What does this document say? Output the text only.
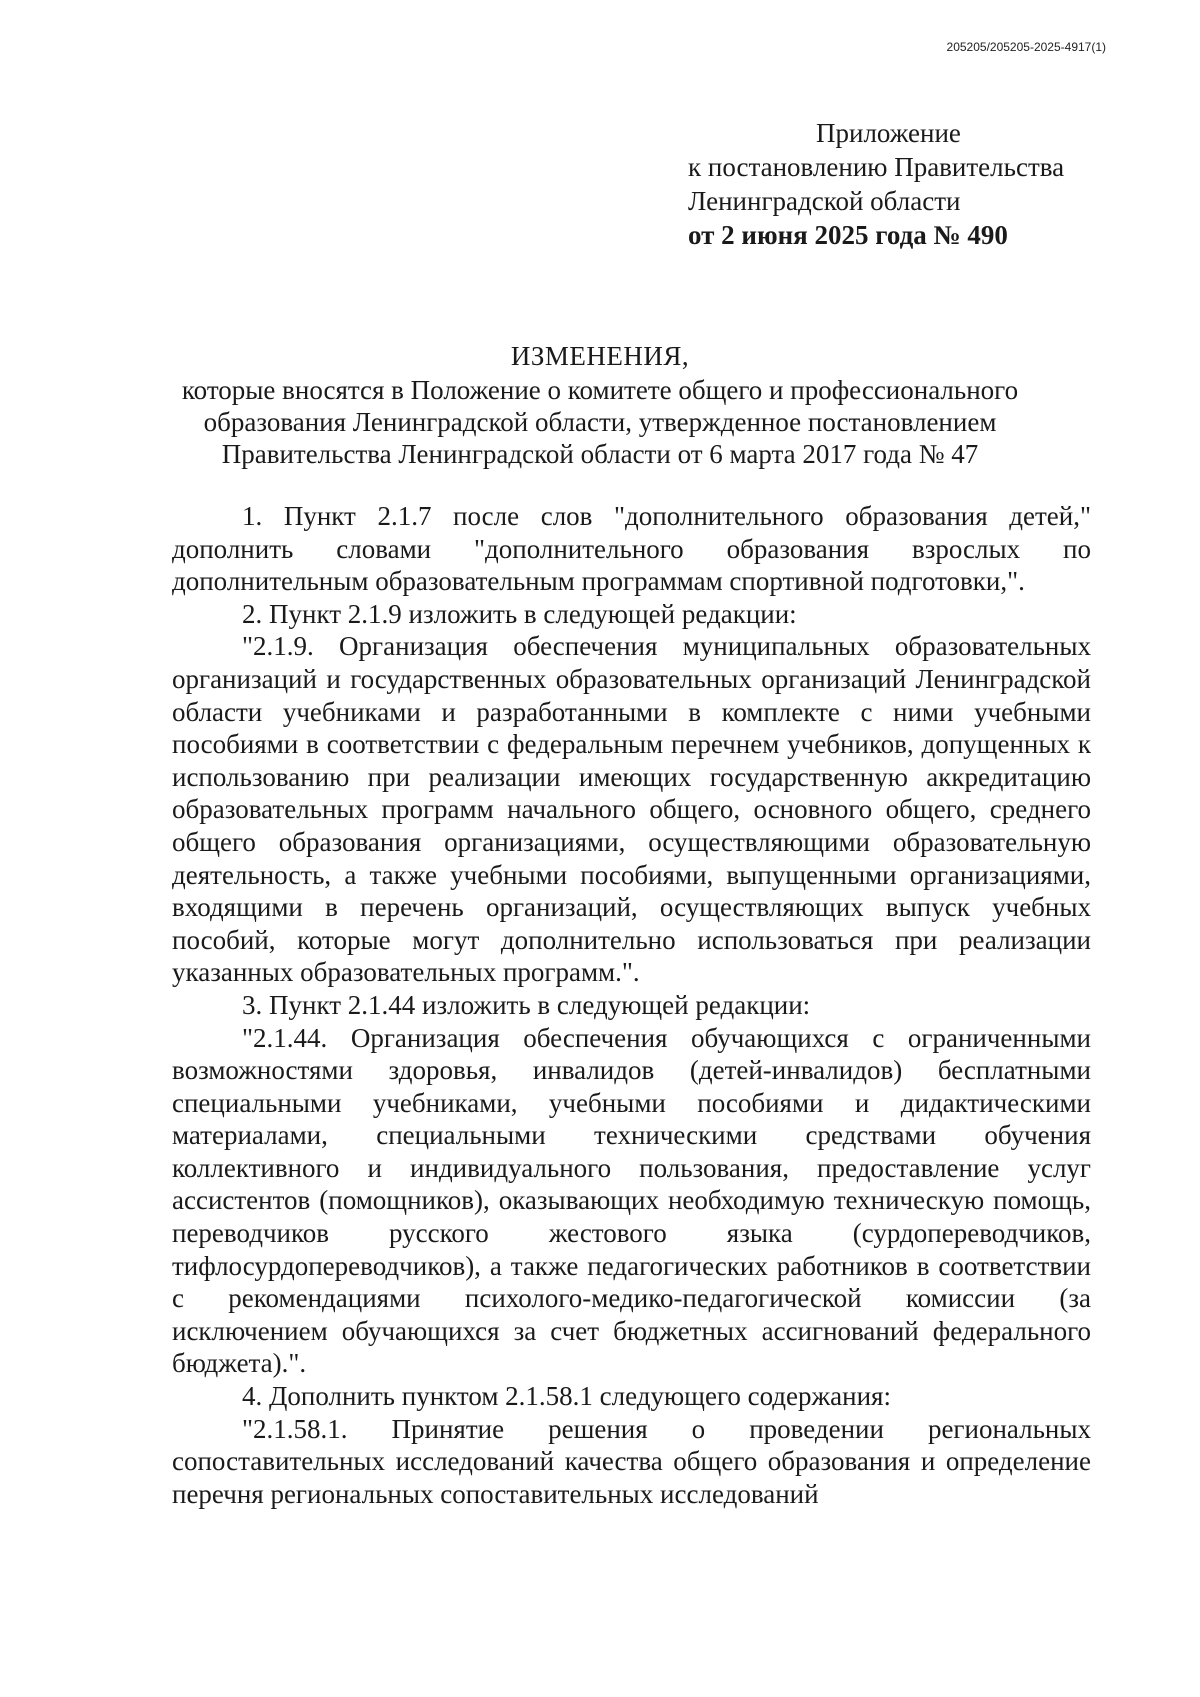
205205/205205-2025-4917(1)
Приложение
к постановлению Правительства
Ленинградской области
от 2 июня 2025 года № 490
ИЗМЕНЕНИЯ,
которые вносятся в Положение о комитете общего и профессионального
образования Ленинградской области, утвержденное постановлением
Правительства Ленинградской области от 6 марта 2017 года № 47

1. Пункт 2.1.7 после слов "дополнительного образования детей," дополнить словами "дополнительного образования взрослых по дополнительным образовательным программам спортивной подготовки,".

2. Пункт 2.1.9 изложить в следующей редакции:

"2.1.9. Организация обеспечения муниципальных образовательных организаций и государственных образовательных организаций Ленинградской области учебниками и разработанными в комплекте с ними учебными пособиями в соответствии с федеральным перечнем учебников, допущенных к использованию при реализации имеющих государственную аккредитацию образовательных программ начального общего, основного общего, среднего общего образования организациями, осуществляющими образовательную деятельность, а также учебными пособиями, выпущенными организациями, входящими в перечень организаций, осуществляющих выпуск учебных пособий, которые могут дополнительно использоваться при реализации указанных образовательных программ.".

3. Пункт 2.1.44 изложить в следующей редакции:

"2.1.44. Организация обеспечения обучающихся с ограниченными возможностями здоровья, инвалидов (детей-инвалидов) бесплатными специальными учебниками, учебными пособиями и дидактическими материалами, специальными техническими средствами обучения коллективного и индивидуального пользования, предоставление услуг ассистентов (помощников), оказывающих необходимую техническую помощь, переводчиков русского жестового языка (сурдопереводчиков, тифлосурдопереводчиков), а также педагогических работников в соответствии с рекомендациями психолого-медико-педагогической комиссии (за исключением обучающихся за счет бюджетных ассигнований федерального бюджета).".

4. Дополнить пунктом 2.1.58.1 следующего содержания:

"2.1.58.1. Принятие решения о проведении региональных сопоставительных исследований качества общего образования и определение перечня региональных сопоставительных исследований
